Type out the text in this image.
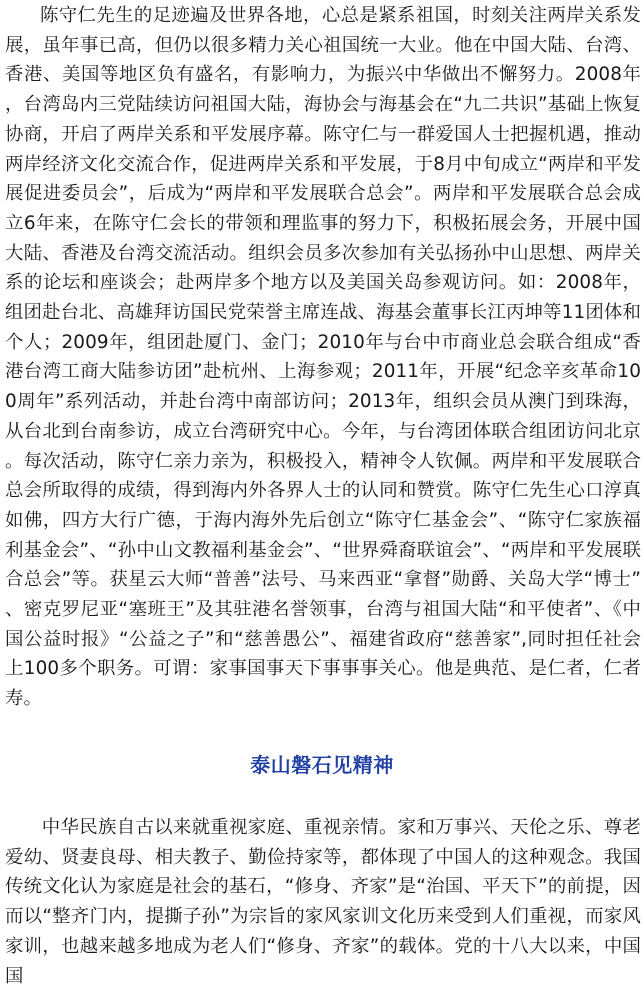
陈守仁先生的足迹遍及世界各地，心总是紧系祖国，时刻关注两岸关系发展，虽年事已高，但仍以很多精力关心祖国统一大业。他在中国大陆、台湾、香港、美国等地区负有盛名，有影响力，为振兴中华做出不懈努力。2008年，台湾岛内三党陆续访问祖国大陆，海协会与海基会在“九二共识”基础上恢复协商，开启了两岸关系和平发展序幕。陈守仁与一群爱国人士把握机遇，推动两岸经济文化交流合作，促进两岸关系和平发展，于8月中旬成立“两岸和平发展促进委员会”，后成为“两岸和平发展联合总会”。两岸和平发展联合总会成立6年来，在陈守仁会长的带领和理监事的努力下，积极拓展会务，开展中国大陆、香港及台湾交流活动。组织会员多次参加有关弘扬孙中山思想、两岸关系的论坛和座谈会；赴两岸多个地方以及美国关岛参观访问。如：2008年，组团赴台北、高雄拜访国民党荣誉主席连战、海基会董事长江丙坤等11团体和个人；2009年，组团赴厦门、金门；2010年与台中市商业总会联合组成“香港台湾工商大陆参访团”赴杭州、上海参观；2011年，开展“纪念辛亥革命100周年”系列活动，并赴台湾中南部访问；2013年，组织会员从澳门到珠海，从台北到台南参访，成立台湾研究中心。今年，与台湾团体联合组团访问北京。每次活动，陈守仁亲力亲为，积极投入，精神令人钦佩。两岸和平发展联合总会所取得的成绩，得到海内外各界人士的认同和赞赏。陈守仁先生心口淳真如佛，四方大行广德，于海内海外先后创立“陈守仁基金会”、“陈守仁家族福利基金会”、“孙中山文教福利基金会”、“世界舜裔联谊会”、“两岸和平发展联合总会”等。获星云大师“普善”法号、马来西亚“拿督”勋爵、关岛大学“博士”、密克罗尼亚“塞班王”及其驻港名誉领事，台湾与祖国大陆“和平使者”、《中国公益时报》“公益之子”和“慈善愚公”、福建省政府“慈善家”,同时担任社会上100多个职务。可谓：家事国事天下事事事关心。他是典范、是仁者，仁者寿。

泰山磐石见精神

中华民族自古以来就重视家庭、重视亲情。家和万事兴、天伦之乐、尊老爱幼、贤妻良母、相夫教子、勤俭持家等，都体现了中国人的这种观念。我国传统文化认为家庭是社会的基石，“修身、齐家”是“治国、平天下”的前提，因而以“整齐门内，提撕子孙”为宗旨的家风家训文化历来受到人们重视，而家风家训，也越来越多地成为老人们“修身、齐家”的载体。党的十八大以来，中国国
